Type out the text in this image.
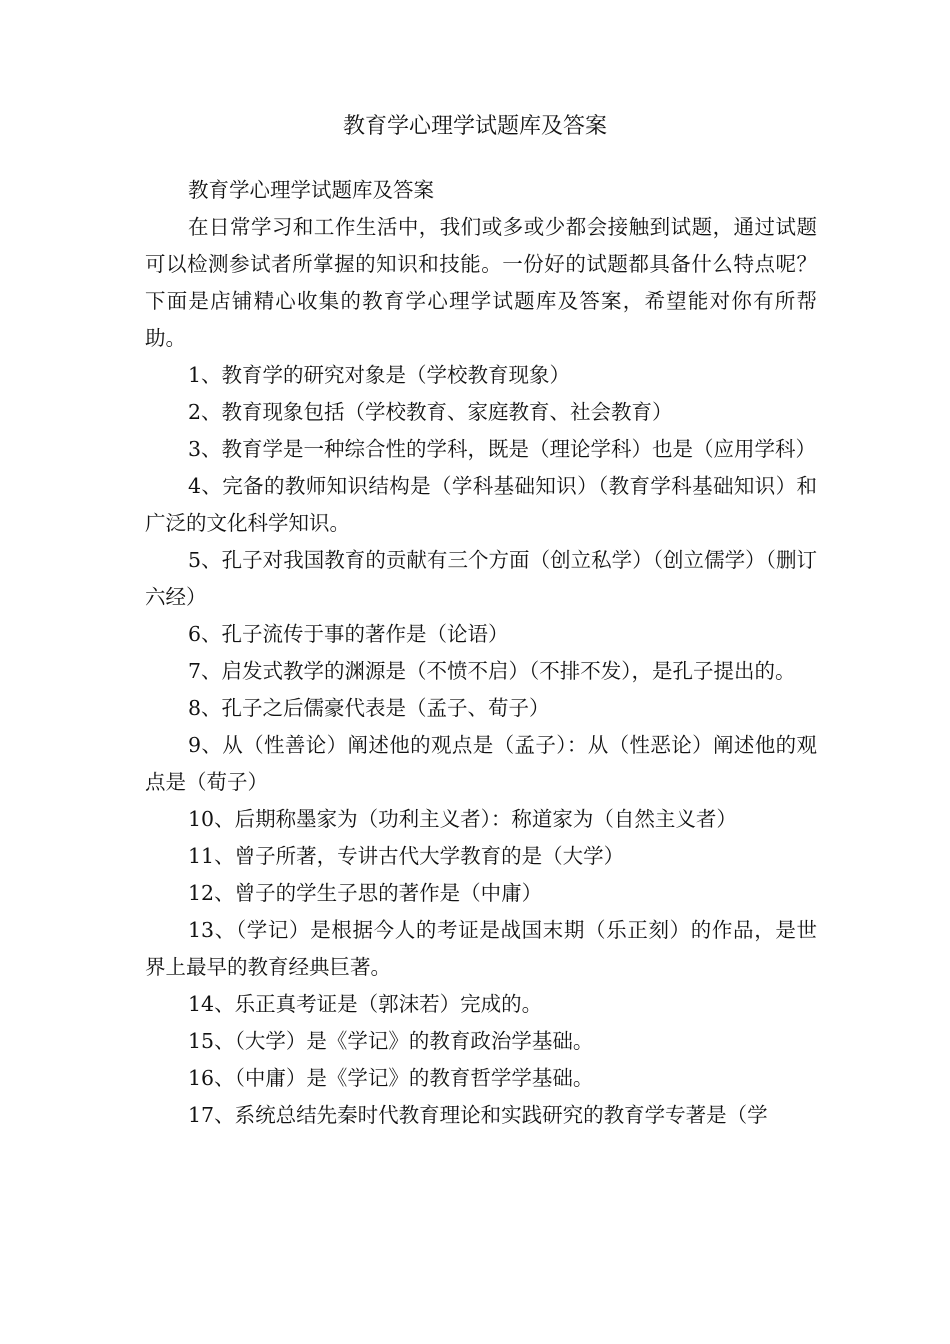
教育学心理学试题库及答案

教育学心理学试题库及答案

在日常学习和工作生活中，我们或多或少都会接触到试题，通过试题可以检测参试者所掌握的知识和技能。一份好的试题都具备什么特点呢？下面是店铺精心收集的教育学心理学试题库及答案，希望能对你有所帮助。

1、教育学的研究对象是（学校教育现象）

2、教育现象包括（学校教育、家庭教育、社会教育）

3、教育学是一种综合性的学科，既是（理论学科）也是（应用学科）

4、完备的教师知识结构是（学科基础知识）（教育学科基础知识）和广泛的文化科学知识。

5、孔子对我国教育的贡献有三个方面（创立私学）（创立儒学）（删订六经）

6、孔子流传于事的著作是（论语）

7、启发式教学的渊源是（不愤不启）（不排不发），是孔子提出的。

8、孔子之后儒豪代表是（孟子、荀子）

9、从（性善论）阐述他的观点是（孟子）：从（性恶论）阐述他的观点是（荀子）

10、后期称墨家为（功利主义者）：称道家为（自然主义者）

11、曾子所著，专讲古代大学教育的是（大学）

12、曾子的学生子思的著作是（中庸）

13、（学记）是根据今人的考证是战国末期（乐正刻）的作品，是世界上最早的教育经典巨著。

14、乐正真考证是（郭沫若）完成的。

15、（大学）是《学记》的教育政治学基础。

16、（中庸）是《学记》的教育哲学学基础。

17、系统总结先秦时代教育理论和实践研究的教育学专著是（学
